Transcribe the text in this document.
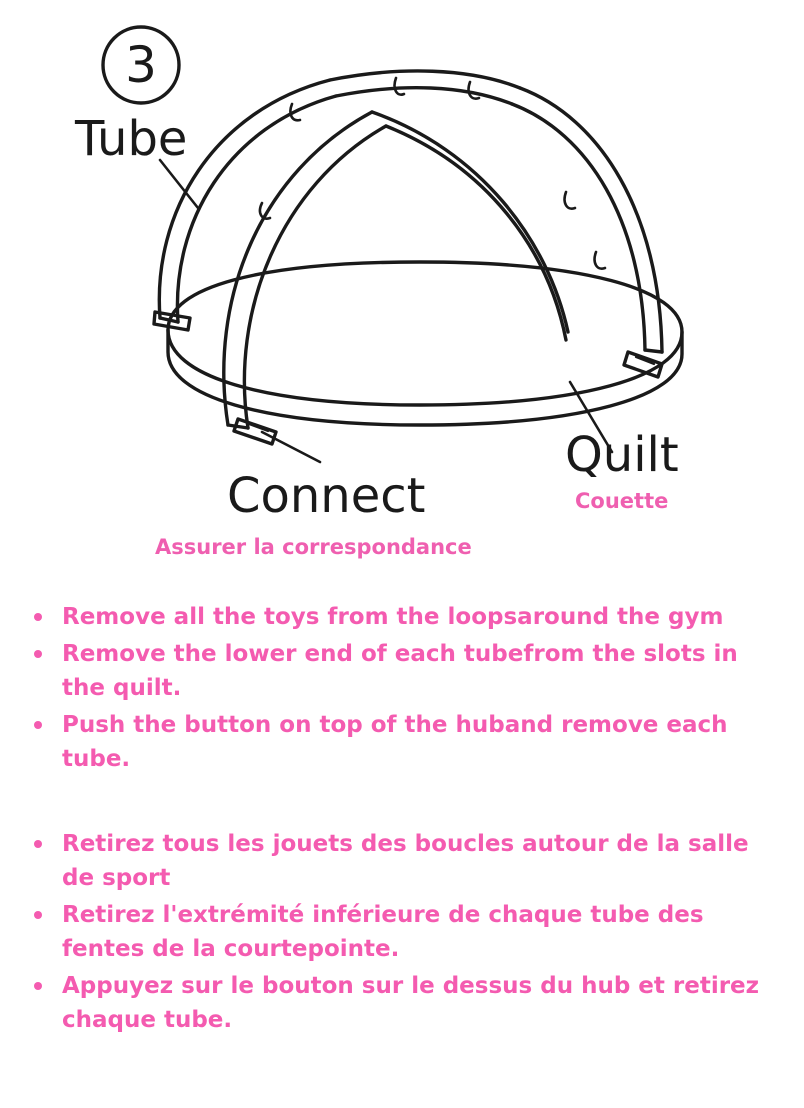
3
Tube
Connect
Quilt
Couette
Assurer la correspondance
Remove all the toys from the loopsaround the gym
Remove the lower end of each tubefrom the slots in the quilt.
Push the button on top of the huband remove each tube.
Retirez tous les jouets des boucles autour de la salle de sport
Retirez l'extrémité inférieure de chaque tube des fentes de la courtepointe.
Appuyez sur le bouton sur le dessus du hub et retirez chaque tube.
